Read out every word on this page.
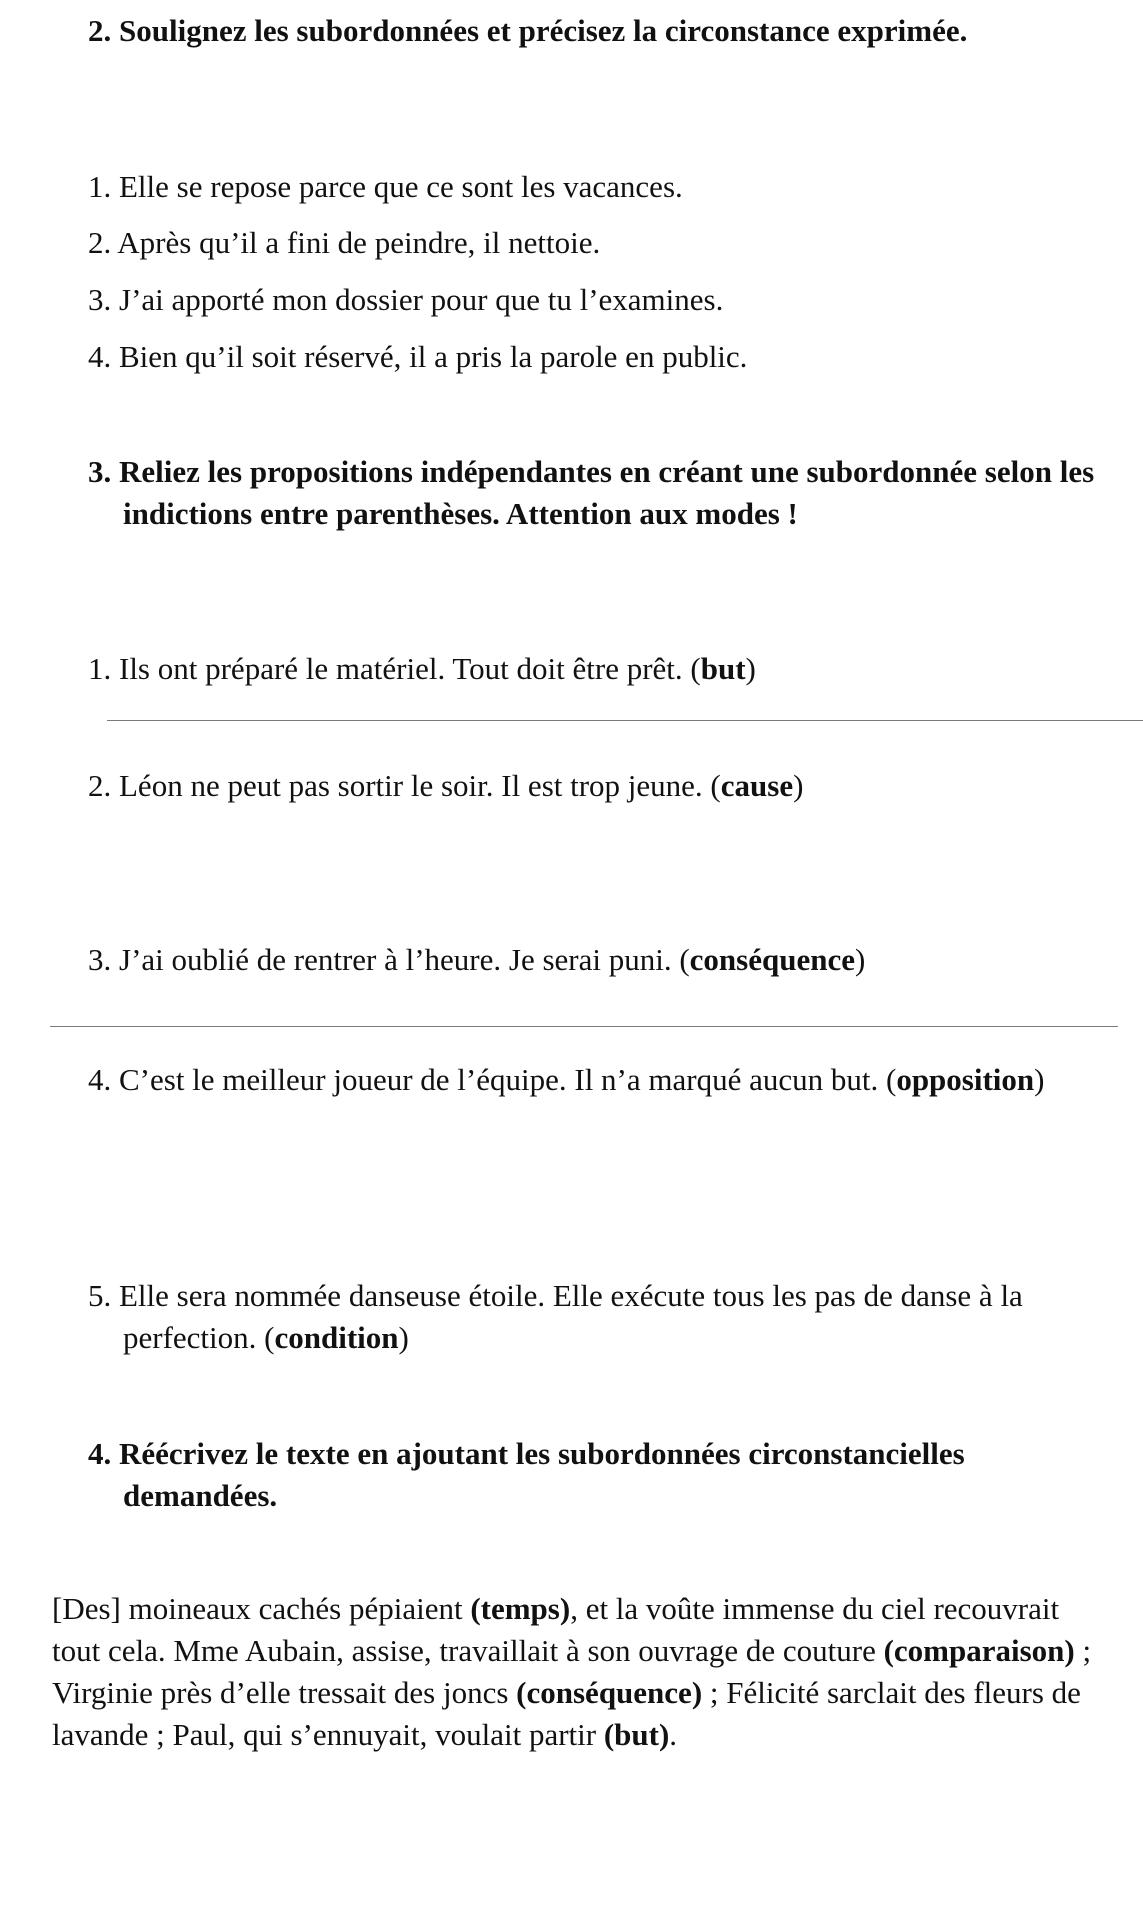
2. Soulignez les subordonnées et précisez la circonstance exprimée.
1. Elle se repose parce que ce sont les vacances.
2. Après qu’il a fini de peindre, il nettoie.
3. J’ai apporté mon dossier pour que tu l’examines.
4. Bien qu’il soit réservé, il a pris la parole en public.
3. Reliez les propositions indépendantes en créant une subordonnée selon les indictions entre parenthèses. Attention aux modes !
1. Ils ont préparé le matériel. Tout doit être prêt. (but)
2. Léon ne peut pas sortir le soir. Il est trop jeune. (cause)
3. J’ai oublié de rentrer à l’heure. Je serai puni. (conséquence)
4. C’est le meilleur joueur de l’équipe. Il n’a marqué aucun but. (opposition)
5. Elle sera nommée danseuse étoile. Elle exécute tous les pas de danse à la perfection. (condition)
4. Réécrivez le texte en ajoutant les subordonnées circonstancielles demandées.
[Des] moineaux cachés pépiaient (temps), et la voûte immense du ciel recouvrait tout cela. Mme Aubain, assise, travaillait à son ouvrage de couture (comparaison) ; Virginie près d’elle tressait des joncs (conséquence) ; Félicité sarclait des fleurs de lavande ; Paul, qui s’ennuyait, voulait partir (but).
